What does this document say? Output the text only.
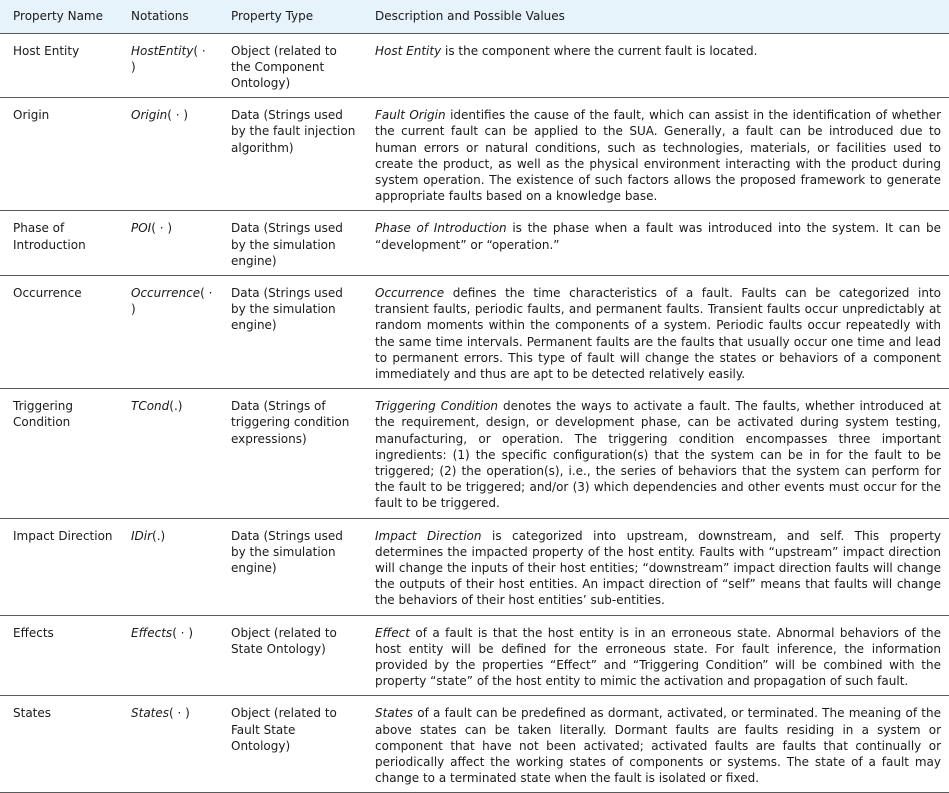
Property Name	Notations	Property Type	Description and Possible Values
Host Entity	HostEntity( · )	Object (related to the Component Ontology)	Host Entity is the component where the current fault is located.
Origin	Origin( · )	Data (Strings used by the fault injection algorithm)	Fault Origin identifies the cause of the fault, which can assist in the identification of whether the current fault can be applied to the SUA. Generally, a fault can be introduced due to human errors or natural conditions, such as technologies, materials, or facilities used to create the product, as well as the physical environment interacting with the product during system operation. The existence of such factors allows the proposed framework to generate appropriate faults based on a knowledge base.
Phase of Introduction	POI( · )	Data (Strings used by the simulation engine)	Phase of Introduction is the phase when a fault was introduced into the system. It can be “development” or “operation.”
Occurrence	Occurrence( · )	Data (Strings used by the simulation engine)	Occurrence defines the time characteristics of a fault. Faults can be categorized into transient faults, periodic faults, and permanent faults. Transient faults occur unpredictably at random moments within the components of a system. Periodic faults occur repeatedly with the same time intervals. Permanent faults are the faults that usually occur one time and lead to permanent errors. This type of fault will change the states or behaviors of a component immediately and thus are apt to be detected relatively easily.
Triggering Condition	TCond(.)	Data (Strings of triggering condition expressions)	Triggering Condition denotes the ways to activate a fault. The faults, whether introduced at the requirement, design, or development phase, can be activated during system testing, manufacturing, or operation. The triggering condition encompasses three important ingredients: (1) the specific configuration(s) that the system can be in for the fault to be triggered; (2) the operation(s), i.e., the series of behaviors that the system can perform for the fault to be triggered; and/or (3) which dependencies and other events must occur for the fault to be triggered.
Impact Direction	IDir(.)	Data (Strings used by the simulation engine)	Impact Direction is categorized into upstream, downstream, and self. This property determines the impacted property of the host entity. Faults with “upstream” impact direction will change the inputs of their host entities; “downstream” impact direction faults will change the outputs of their host entities. An impact direction of “self” means that faults will change the behaviors of their host entities’ sub-entities.
Effects	Effects( · )	Object (related to State Ontology)	Effect of a fault is that the host entity is in an erroneous state. Abnormal behaviors of the host entity will be defined for the erroneous state. For fault inference, the information provided by the properties “Effect” and “Triggering Condition” will be combined with the property “state” of the host entity to mimic the activation and propagation of such fault.
States	States( · )	Object (related to Fault State Ontology)	States of a fault can be predefined as dormant, activated, or terminated. The meaning of the above states can be taken literally. Dormant faults are faults residing in a system or component that have not been activated; activated faults are faults that continually or periodically affect the working states of components or systems. The state of a fault may change to a terminated state when the fault is isolated or fixed.
